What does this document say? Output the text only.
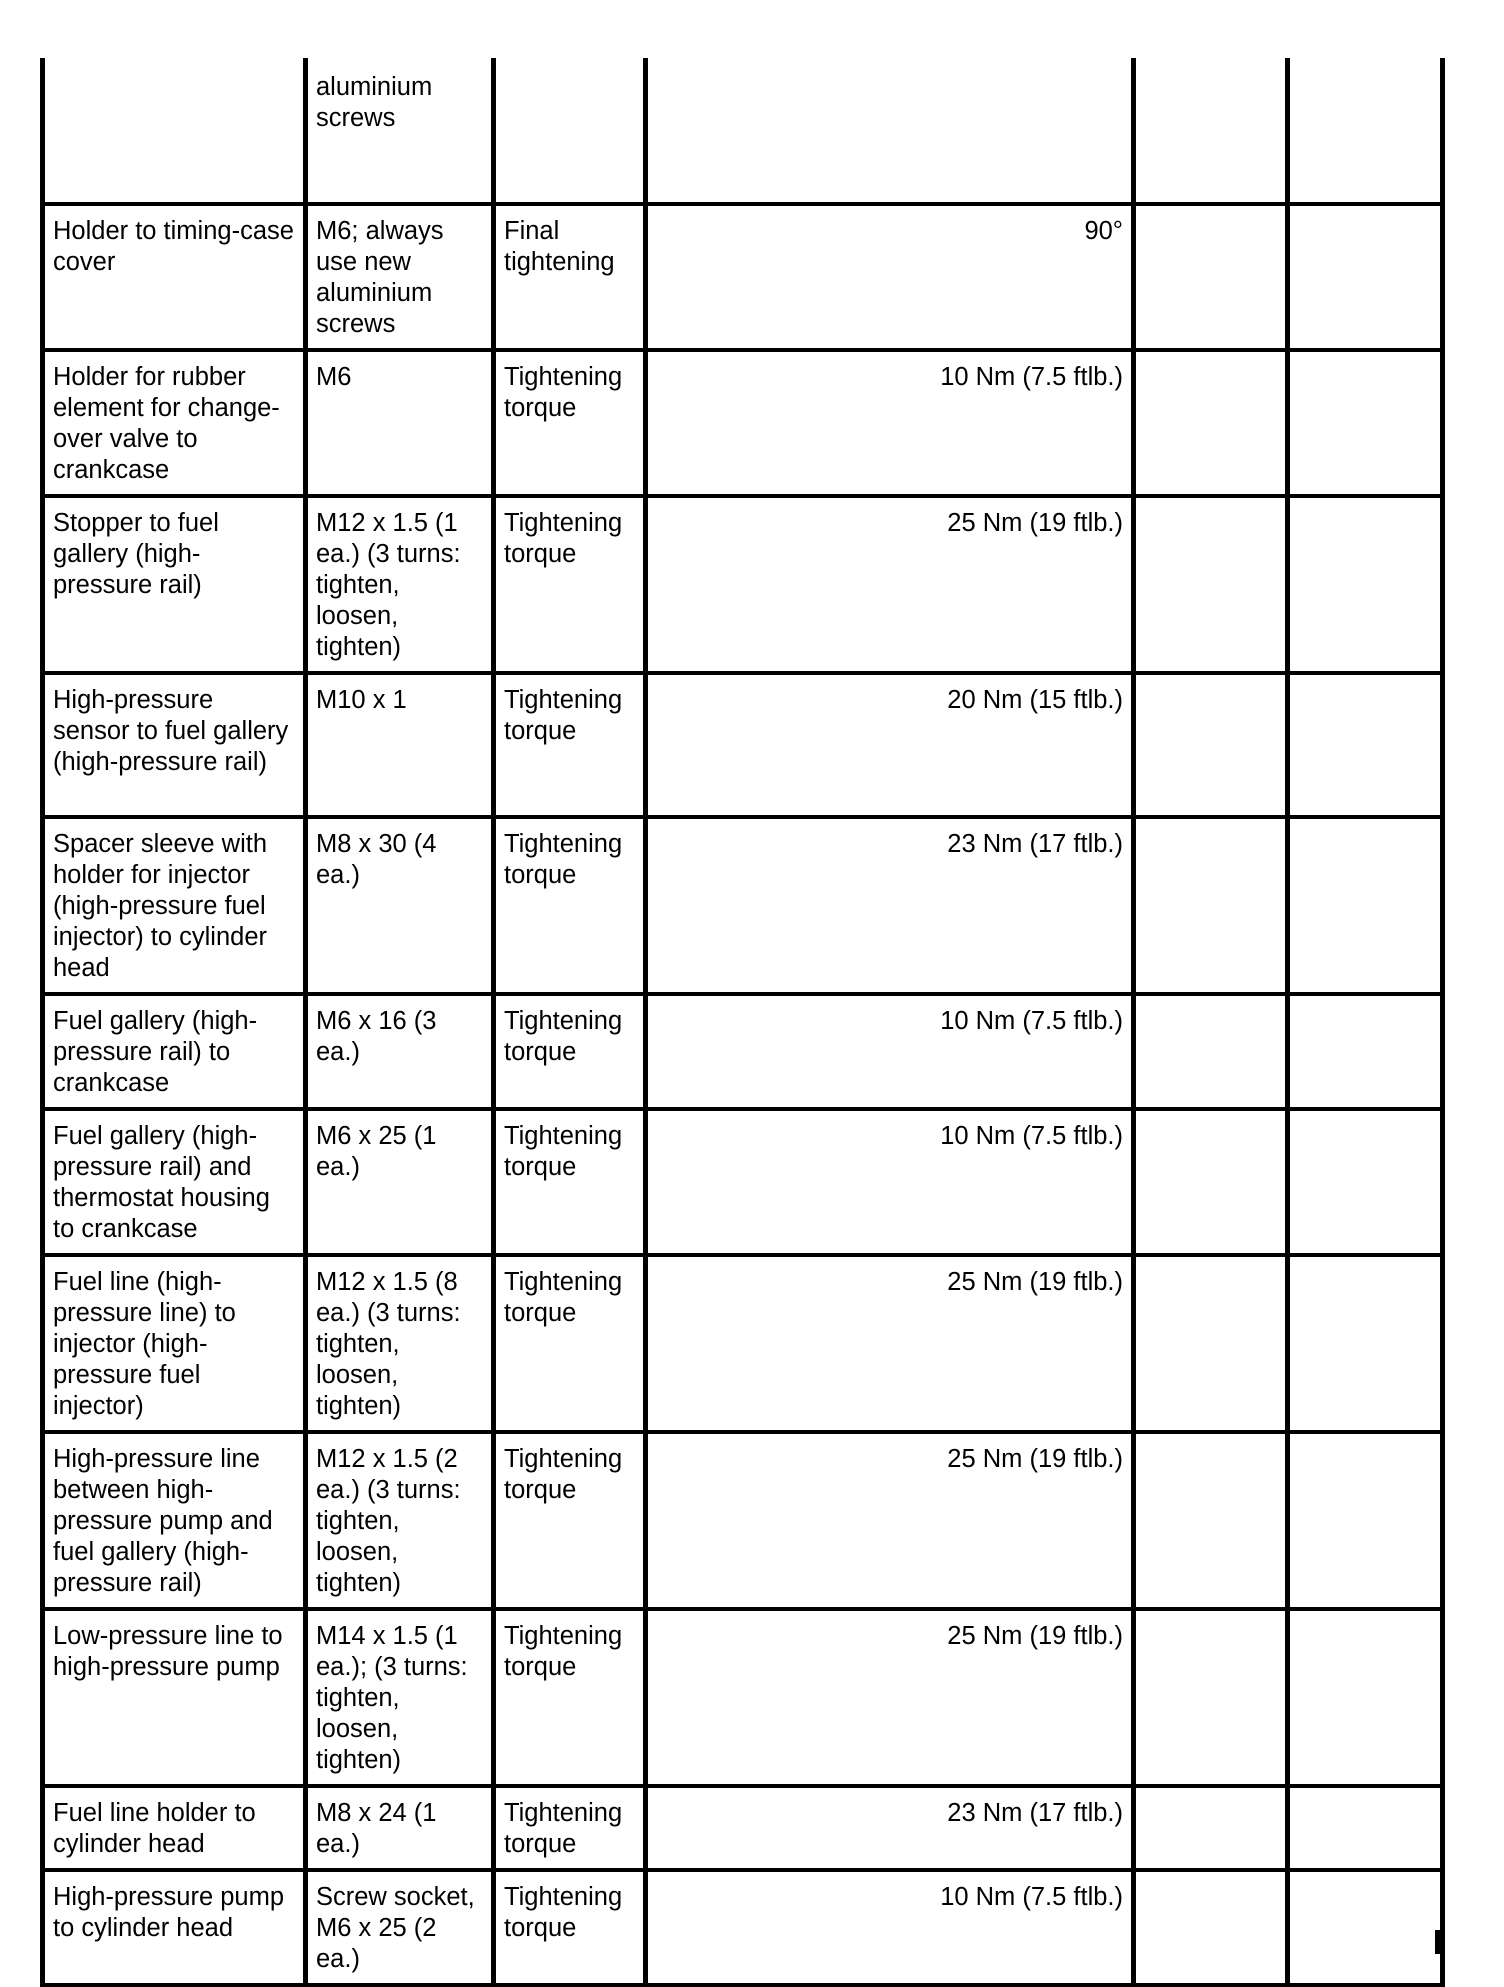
	aluminium screws				
Holder to timing-case cover	M6; always use new aluminium screws	Final tightening	90°		
Holder for rubber element for change-over valve to crankcase	M6	Tightening torque	10 Nm (7.5 ftlb.)		
Stopper to fuel gallery (high-pressure rail)	M12 x 1.5 (1 ea.) (3 turns: tighten, loosen, tighten)	Tightening torque	25 Nm (19 ftlb.)		
High-pressure sensor to fuel gallery (high-pressure rail)	M10 x 1	Tightening torque	20 Nm (15 ftlb.)		
Spacer sleeve with holder for injector (high-pressure fuel injector) to cylinder head	M8 x 30 (4 ea.)	Tightening torque	23 Nm (17 ftlb.)		
Fuel gallery (high-pressure rail) to crankcase	M6 x 16 (3 ea.)	Tightening torque	10 Nm (7.5 ftlb.)		
Fuel gallery (high-pressure rail) and thermostat housing to crankcase	M6 x 25 (1 ea.)	Tightening torque	10 Nm (7.5 ftlb.)		
Fuel line (high-pressure line) to injector (high-pressure fuel injector)	M12 x 1.5 (8 ea.) (3 turns: tighten, loosen, tighten)	Tightening torque	25 Nm (19 ftlb.)		
High-pressure line between high-pressure pump and fuel gallery (high-pressure rail)	M12 x 1.5 (2 ea.) (3 turns: tighten, loosen, tighten)	Tightening torque	25 Nm (19 ftlb.)		
Low-pressure line to high-pressure pump	M14 x 1.5 (1 ea.); (3 turns: tighten, loosen, tighten)	Tightening torque	25 Nm (19 ftlb.)		
Fuel line holder to cylinder head	M8 x 24 (1 ea.)	Tightening torque	23 Nm (17 ftlb.)		
High-pressure pump to cylinder head	Screw socket, M6 x 25 (2 ea.)	Tightening torque	10 Nm (7.5 ftlb.)		
